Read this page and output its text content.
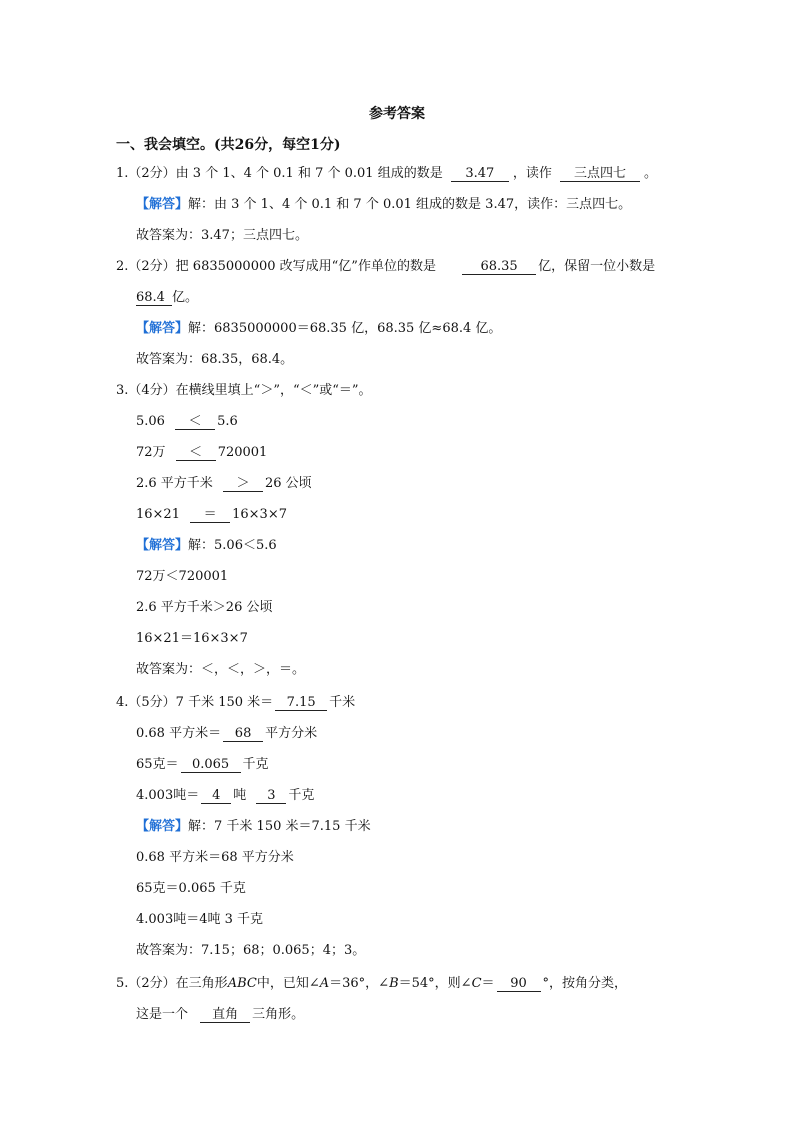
参考答案
一、我会填空。(共26分，每空1分)
1.（2分）由 3 个 1、4 个 0.1 和 7 个 0.01 组成的数是 3.47 ，读作 三点四七 。
【解答】解：由 3 个 1、4 个 0.1 和 7 个 0.01 组成的数是 3.47，读作：三点四七。
故答案为：3.47；三点四七。
2.（2分）把 6835000000 改写成用“亿”作单位的数是	68.35 亿，保留一位小数是
68.4 亿。
【解答】解：6835000000＝68.35 亿，68.35 亿≈68.4 亿。
故答案为：68.35，68.4。
3.（4分）在横线里填上“＞”，“＜”或“＝”。
5.06 ＜ 5.6
72万 ＜ 720001
2.6 平方千米 ＞ 26 公顷
16×21 ＝ 16×3×7
【解答】解：5.06＜5.6
72万＜720001
2.6 平方千米＞26 公顷
16×21＝16×3×7
故答案为：＜，＜，＞，＝。
4.（5分）7 千米 150 米＝ 7.15 千米
0.68 平方米＝ 68 平方分米
65克＝ 0.065 千克
4.003吨＝ 4 吨 3 千克
【解答】解：7 千米 150 米＝7.15 千米
0.68 平方米＝68 平方分米
65克＝0.065 千克
4.003吨＝4吨 3 千克
故答案为：7.15；68；0.065；4；3。
5.（2分）在三角形ABC中，已知∠A＝36°，∠B＝54°，则∠C＝ 90 °，按角分类，
这是一个 直角 三角形。
